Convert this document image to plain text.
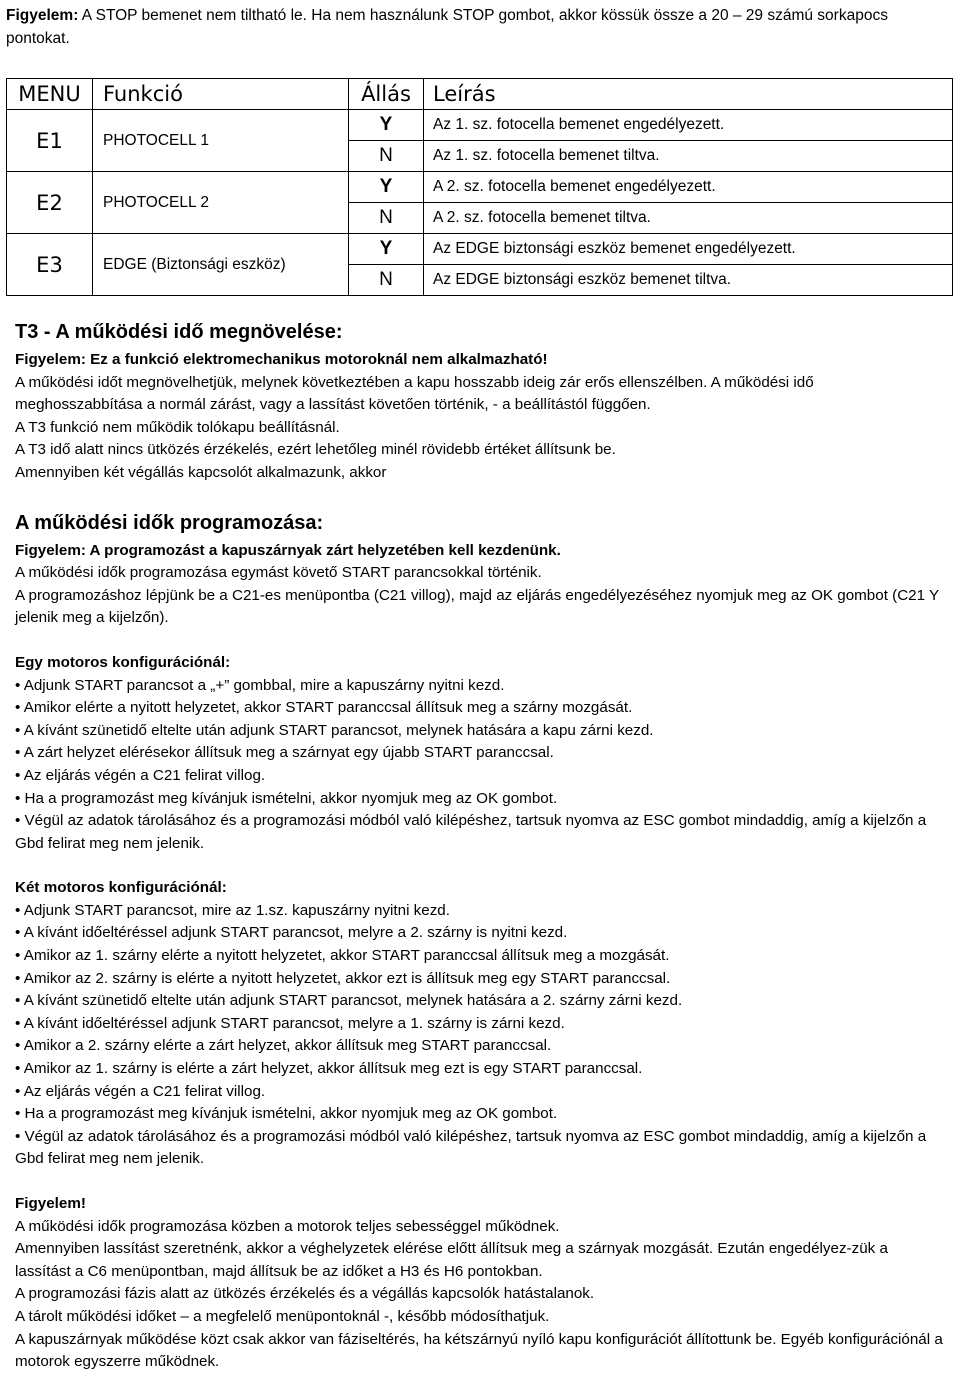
Figyelem: A STOP bemenet nem tiltható le. Ha nem használunk STOP gombot, akkor kössük össze a 20 – 29 számú sorkapocs pontokat.
MENU	Funkció	Állás	Leírás
E1	PHOTOCELL 1	Y	Az 1. sz. fotocella bemenet engedélyezett.
		N	Az 1. sz. fotocella bemenet tiltva.
E2	PHOTOCELL 2	Y	A 2. sz. fotocella bemenet engedélyezett.
		N	A 2. sz. fotocella bemenet tiltva.
E3	EDGE (Biztonsági eszköz)	Y	Az EDGE biztonsági eszköz bemenet engedélyezett.
		N	Az EDGE biztonsági eszköz bemenet tiltva.

T3 - A működési idő megnövelése:

Figyelem: Ez a funkció elektromechanikus motoroknál nem alkalmazható!

A működési időt megnövelhetjük, melynek következtében a kapu hosszabb ideig zár erős ellenszélben. A működési idő meghosszabbítása a normál zárást, vagy a lassítást követően történik, - a beállítástól függően.

A T3 funkció nem működik tolókapu beállításnál.

A T3 idő alatt nincs ütközés érzékelés, ezért lehetőleg minél rövidebb értéket állítsunk be.

Amennyiben két végállás kapcsolót alkalmazunk, akkor

A működési idők programozása:

Figyelem: A programozást a kapuszárnyak zárt helyzetében kell kezdenünk.

A működési idők programozása egymást követő START parancsokkal történik.

A programozáshoz lépjünk be a C21-es menüpontba (C21 villog), majd az eljárás engedélyezéséhez nyomjuk meg az OK gombot (C21 Y jelenik meg a kijelzőn).

Egy motoros konfigurációnál:

• Adjunk START parancsot a „+” gombbal, mire a kapuszárny nyitni kezd.

• Amikor elérte a nyitott helyzetet, akkor START paranccsal állítsuk meg a szárny mozgását.

• A kívánt szünetidő eltelte után adjunk START parancsot, melynek hatására a kapu zárni kezd.

• A zárt helyzet elérésekor állítsuk meg a szárnyat egy újabb START paranccsal.

• Az eljárás végén a C21 felirat villog.

• Ha a programozást meg kívánjuk ismételni, akkor nyomjuk meg az OK gombot.

• Végül az adatok tárolásához és a programozási módból való kilépéshez, tartsuk nyomva az ESC gombot mindaddig, amíg a kijelzőn a Gbd felirat meg nem jelenik.

Két motoros konfigurációnál:

• Adjunk START parancsot, mire az 1.sz. kapuszárny nyitni kezd.

• A kívánt időeltéréssel adjunk START parancsot, melyre a 2. szárny is nyitni kezd.

• Amikor az 1. szárny elérte a nyitott helyzetet, akkor START paranccsal állítsuk meg a mozgását.

• Amikor az 2. szárny is elérte a nyitott helyzetet, akkor ezt is állítsuk meg egy START paranccsal.

• A kívánt szünetidő eltelte után adjunk START parancsot, melynek hatására a 2. szárny zárni kezd.

• A kívánt időeltéréssel adjunk START parancsot, melyre a 1. szárny is zárni kezd.

• Amikor a 2. szárny elérte a zárt helyzet, akkor állítsuk meg START paranccsal.

• Amikor az 1. szárny is elérte a zárt helyzet, akkor állítsuk meg ezt is egy START paranccsal.

• Az eljárás végén a C21 felirat villog.

• Ha a programozást meg kívánjuk ismételni, akkor nyomjuk meg az OK gombot.

• Végül az adatok tárolásához és a programozási módból való kilépéshez, tartsuk nyomva az ESC gombot mindaddig, amíg a kijelzőn a Gbd felirat meg nem jelenik.

Figyelem!

A működési idők programozása közben a motorok teljes sebességgel működnek.

Amennyiben lassítást szeretnénk, akkor a véghelyzetek elérése előtt állítsuk meg a szárnyak mozgását. Ezután engedélyez-zük a lassítást a C6 menüpontban, majd állítsuk be az időket a H3 és H6 pontokban.

A programozási fázis alatt az ütközés érzékelés és a végállás kapcsolók hatástalanok.

A tárolt működési időket – a megfelelő menüpontoknál -, később módosíthatjuk.

A kapuszárnyak működése közt csak akkor van fáziseltérés, ha kétszárnyú nyíló kapu konfigurációt állítottunk be. Egyéb konfigurációnál a motorok egyszerre működnek.
